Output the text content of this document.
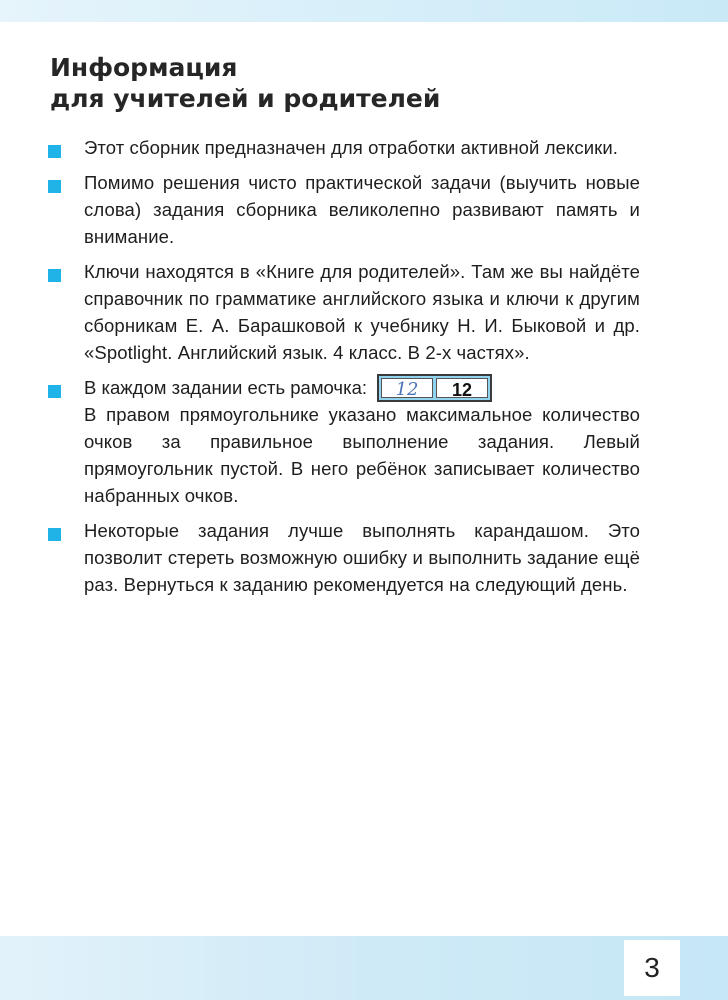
Информация
для учителей и родителей

Этот сборник предназначен для отработки активной лексики.

Помимо решения чисто практической задачи (выучить новые слова) задания сборника великолепно развивают память и внимание.

Ключи находятся в «Книге для родителей». Там же вы найдёте справочник по грамматике английского языка и ключи к другим сборникам Е. А. Барашковой к учебнику Н. И. Быковой и др. «Spotlight. Английский язык. 4 класс. В 2-х частях».

В каждом задании есть рамочка:	12	12

В правом прямоугольнике указано максимальное количество очков за правильное выполнение задания. Левый прямоугольник пустой. В него ребёнок записывает количество набранных очков.

Некоторые задания лучше выполнять карандашом. Это позволит стереть возможную ошибку и выполнить задание ещё раз. Вернуться к заданию рекомендуется на следующий день.

3
